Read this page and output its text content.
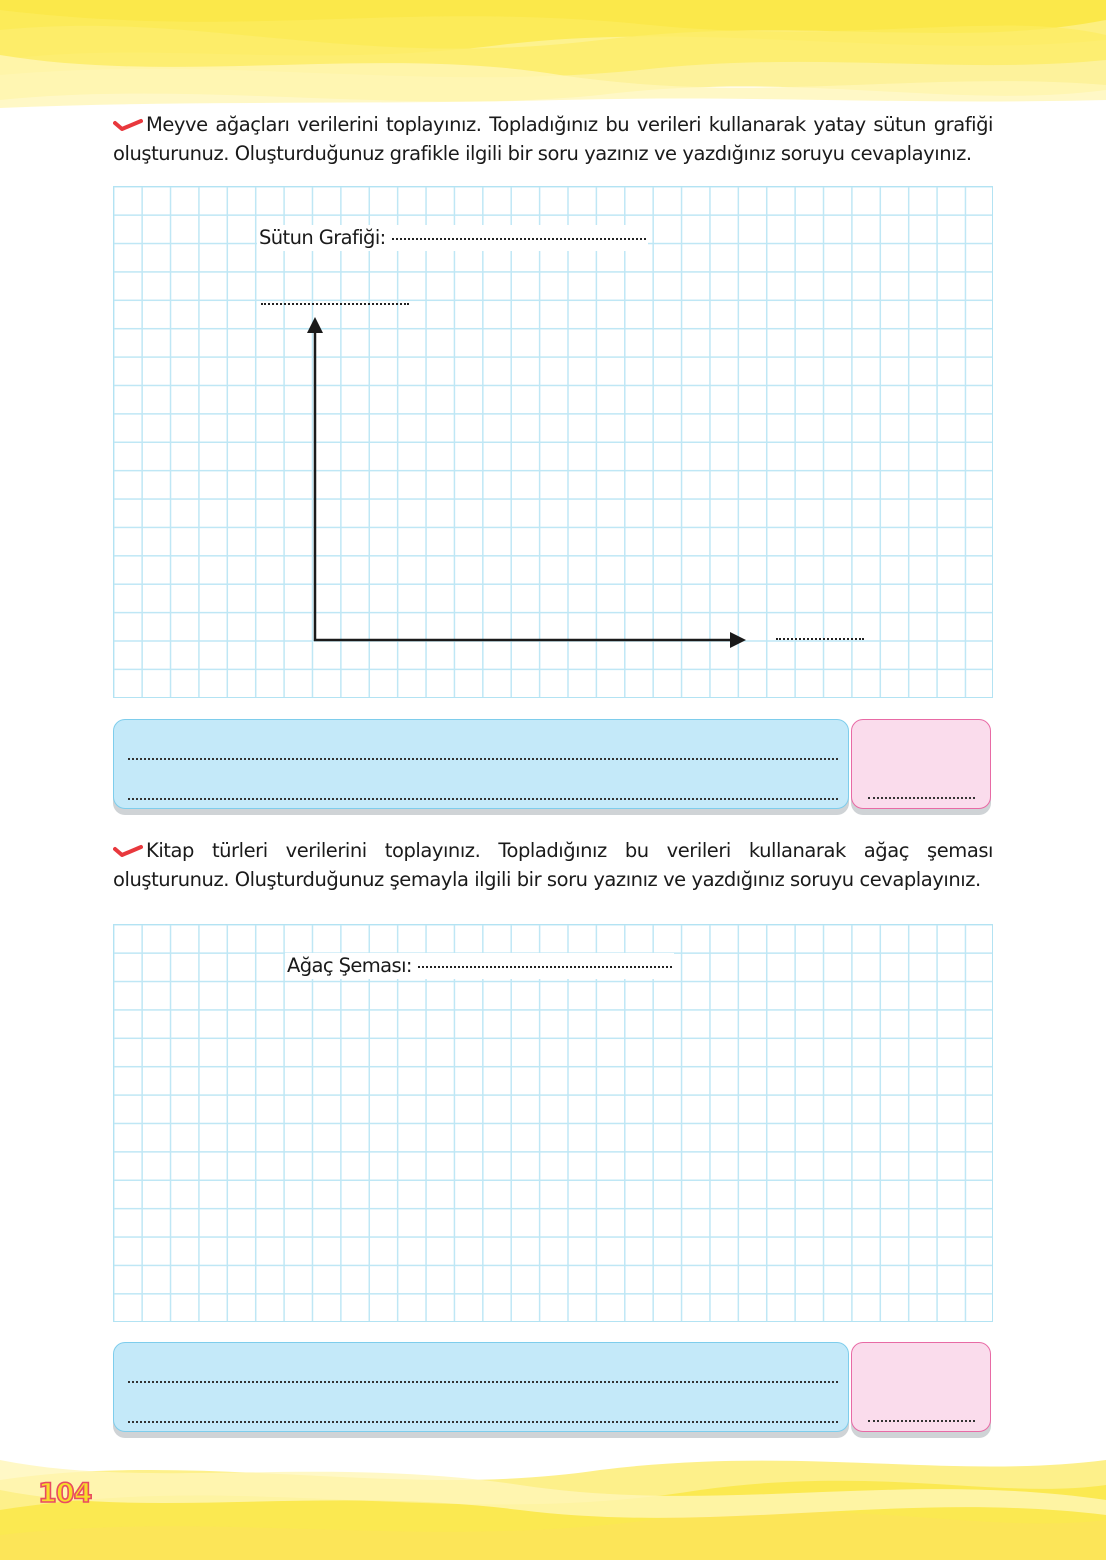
Meyve ağaçları verilerini toplayınız. Topladığınız bu verileri kullanarak yatay sütun grafiği oluşturunuz. Oluşturduğunuz grafikle ilgili bir soru yazınız ve yazdığınız soruyu cevaplayınız.
Sütun Grafiği:
Kitap türleri verilerini toplayınız. Topladığınız bu verileri kullanarak ağaç şeması oluşturunuz. Oluşturduğunuz şemayla ilgili bir soru yazınız ve yazdığınız soruyu cevaplayınız.
Ağaç Şeması:
104
